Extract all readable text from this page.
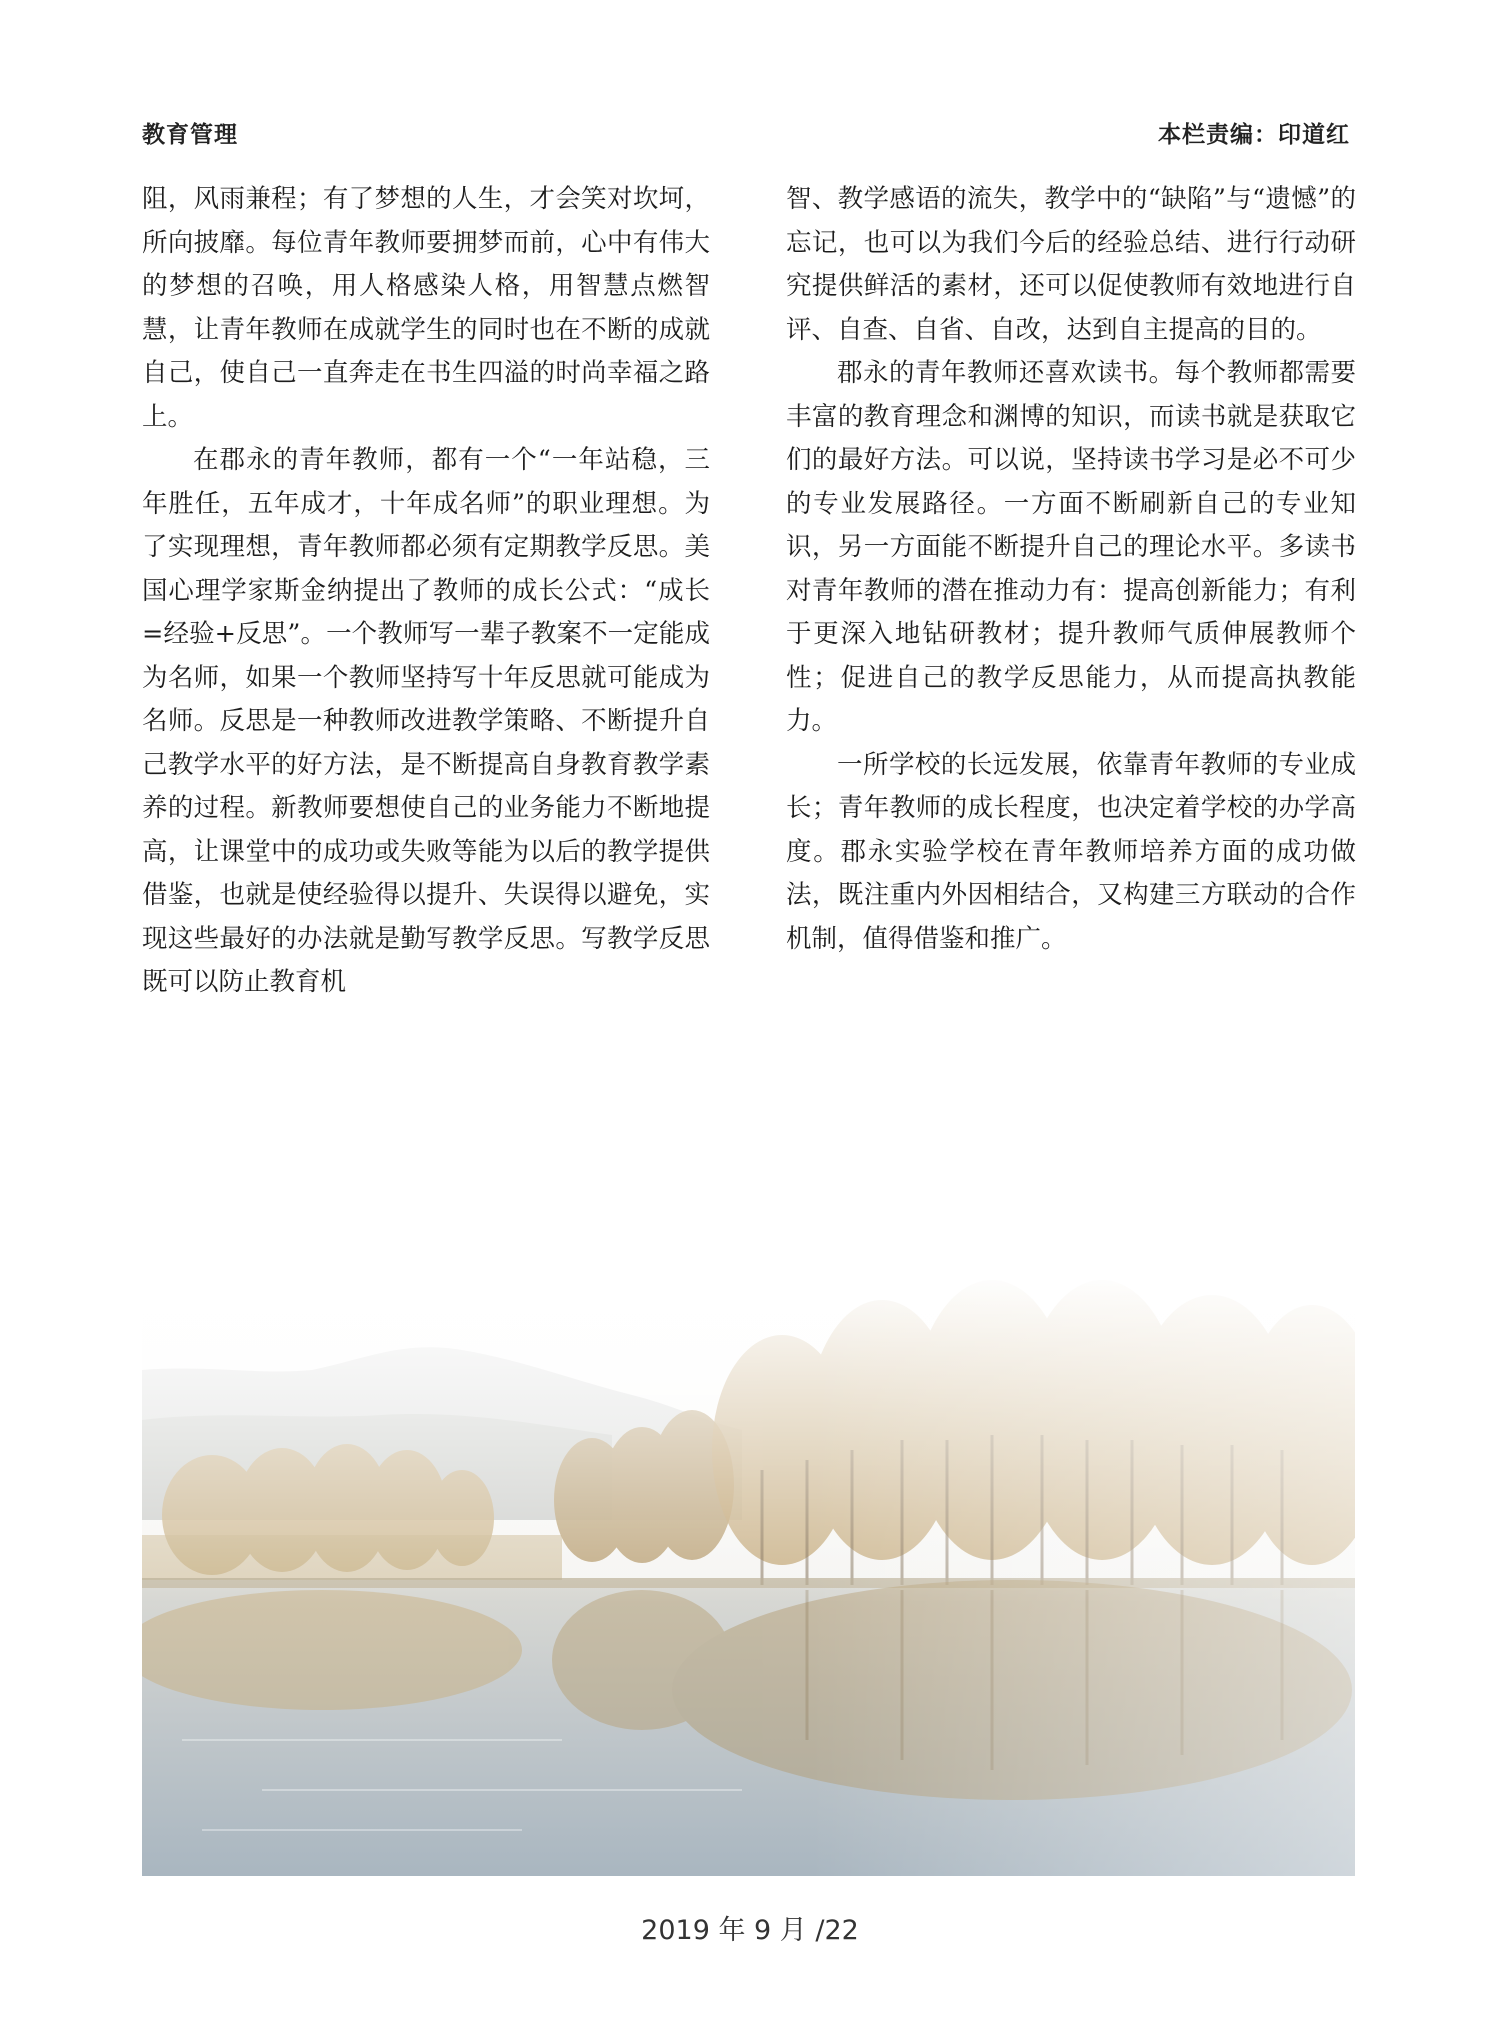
教育管理	本栏责编：印道红

阻，风雨兼程；有了梦想的人生，才会笑对坎坷，所向披靡。每位青年教师要拥梦而前，心中有伟大的梦想的召唤，用人格感染人格，用智慧点燃智慧，让青年教师在成就学生的同时也在不断的成就自己，使自己一直奔走在书生四溢的时尚幸福之路上。

在郡永的青年教师，都有一个“一年站稳，三年胜任，五年成才，十年成名师”的职业理想。为了实现理想，青年教师都必须有定期教学反思。美国心理学家斯金纳提出了教师的成长公式：“成长=经验+反思”。一个教师写一辈子教案不一定能成为名师，如果一个教师坚持写十年反思就可能成为名师。反思是一种教师改进教学策略、不断提升自己教学水平的好方法，是不断提高自身教育教学素养的过程。新教师要想使自己的业务能力不断地提高，让课堂中的成功或失败等能为以后的教学提供借鉴，也就是使经验得以提升、失误得以避免，实现这些最好的办法就是勤写教学反思。写教学反思既可以防止教育机

智、教学感语的流失，教学中的“缺陷”与“遗憾”的忘记，也可以为我们今后的经验总结、进行行动研究提供鲜活的素材，还可以促使教师有效地进行自评、自查、自省、自改，达到自主提高的目的。

郡永的青年教师还喜欢读书。每个教师都需要丰富的教育理念和渊博的知识，而读书就是获取它们的最好方法。可以说，坚持读书学习是必不可少的专业发展路径。一方面不断刷新自己的专业知识，另一方面能不断提升自己的理论水平。多读书对青年教师的潜在推动力有：提高创新能力；有利于更深入地钻研教材；提升教师气质伸展教师个性；促进自己的教学反思能力，从而提高执教能力。

一所学校的长远发展，依靠青年教师的专业成长；青年教师的成长程度，也决定着学校的办学高度。郡永实验学校在青年教师培养方面的成功做法，既注重内外因相结合，又构建三方联动的合作机制，值得借鉴和推广。

2019 年 9 月 /22
